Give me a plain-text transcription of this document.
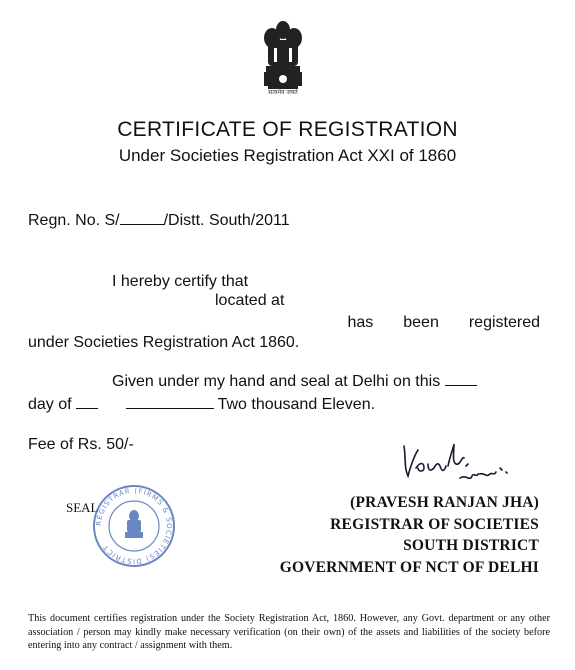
सत्यमेव जयते
CERTIFICATE OF REGISTRATION
Under Societies Registration Act XXI of 1860
Regn. No. S/	/Distt. South/2011
I hereby certify that
located at
has been registered
under Societies Registration Act 1860.
Given under my hand and seal at Delhi on this
day of	Two thousand Eleven.
Fee of Rs. 50/-
SEAL
REGISTRAR (FIRMS & SOCIETIES) DISTRICT
(PRAVESH RANJAN JHA)
REGISTRAR OF SOCIETIES
SOUTH DISTRICT
GOVERNMENT OF NCT OF DELHI
This document certifies registration under the Society Registration Act, 1860. However, any Govt. department or any other association / person may kindly make necessary verification (on their own) of the assets and liabilities of the society before entering into any contract / assignment with them.
